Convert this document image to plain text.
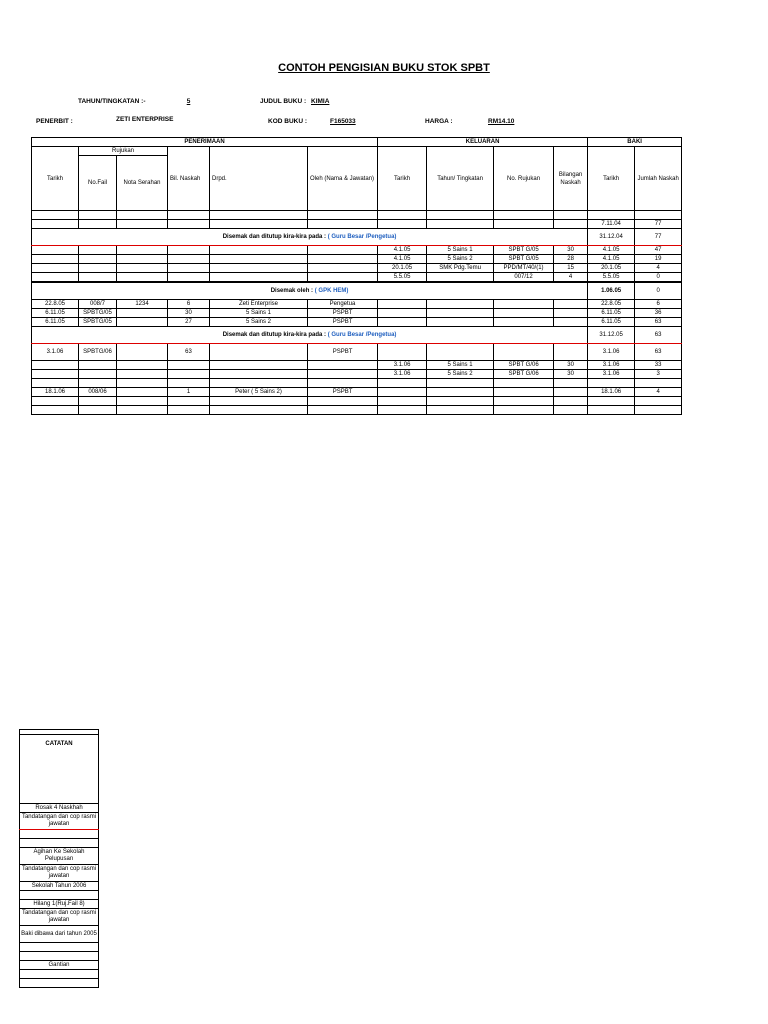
CONTOH PENGISIAN BUKU STOK SPBT
TAHUN/TINGKATAN :-	5	JUDUL BUKU : KIMIA
PENERBIT :	ZETI ENTERPRISE	KOD BUKU :	F165033	HARGA :	RM14.10
PENERIMAAN						KELUARAN				BAKI	
Tarikh	Rujukan		Bil. Naskah	Drpd.	Oleh (Nama & Jawatan)	Tarikh	Tahun/ Tingkatan	No. Rujukan	Bilangan Naskah	Tarikh	Jumlah Naskah
	No.Fail	Nota Serahan									

										7.11.04	77
Disemak dan ditutup kira-kira pada : ( Guru Besar /Pengetua)										31.12.04	77
						4.1.05	5 Sains 1	SPBT G/05	30	4.1.05	47
						4.1.05	5 Sains 2	SPBT G/05	28	4.1.05	19
						20.1.05	SMK Pdg.Temu	PPD/MT/40/(1)	15	20.1.05	4
						5.5.05		007/12	4	5.5.05	0
Disemak oleh : ( GPK HEM)										1.06.05	0
22.8.05	008/7	1234	6	Zeti Enterprise	Pengetua					22.8.05	6
6.11.05	SPBTG/05		30	5 Sains 1	PSPBT					6.11.05	36
6.11.05	SPBTG/05		27	5 Sains 2	PSPBT					6.11.05	63
Disemak dan ditutup kira-kira pada : ( Guru Besar /Pengetua)										31.12.05	63
3.1.06	SPBTG/06		63		PSPBT					3.1.06	63
						3.1.06	5 Sains 1	SPBT G/06	30	3.1.06	33
						3.1.06	5 Sains 2	SPBT G/06	30	3.1.06	3

18.1.06	008/06		1	Peter ( 5 Sains 2)	PSPBT					18.1.06	4

CATATAN
Rosak 4 Naskhah
Tandatangan dan cop rasmi jawatan

Agihan Ke Sekolah Pelupusan
Tandatangan dan cop rasmi jawatan
Sekolah Tahun 2006

Hilang 1(Ruj.Fail 8)
Tandatangan dan cop rasmi jawatan
Baki dibawa dari tahun 2005

Gantian
